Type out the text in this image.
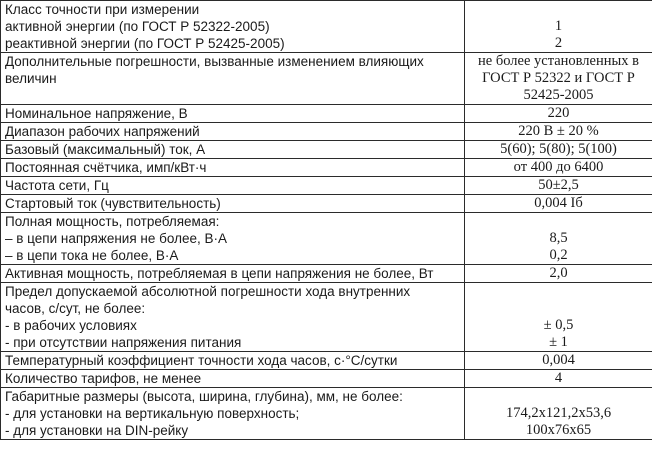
Класс точности при измерении
активной энергии (по ГОСТ Р 52322-2005)
реактивной энергии (по ГОСТ Р 52425-2005)	1
2

Дополнительные погрешности, вызванные изменением влияющих
величин	не более установленных в
ГОСТ Р 52322 и ГОСТ Р
52425-2005

Номинальное напряжение, В	220

Диапазон рабочих напряжений	220 В ± 20 %

Базовый (максимальный) ток, А	5(60); 5(80); 5(100)

Постоянная счётчика, имп/кВт·ч	от 400 до 6400

Частота сети, Гц	50±2,5

Стартовый ток (чувствительность)	0,004 Iб

Полная мощность, потребляемая:
– в цепи напряжения не более, В·А
– в цепи тока не более, В·А	8,5
0,2

Активная мощность, потребляемая в цепи напряжения не более, Вт	2,0

Предел допускаемой абсолютной погрешности хода внутренних
часов, с/сут, не более:
- в рабочих условиях
- при отсутствии напряжения питания	± 0,5
± 1

Температурный коэффициент точности хода часов, с·°С/сутки	0,004

Количество тарифов, не менее	4

Габаритные размеры (высота, ширина, глубина), мм, не более:
- для установки на вертикальную поверхность;
- для установки на DIN-рейку	174,2х121,2х53,6
100х76х65
